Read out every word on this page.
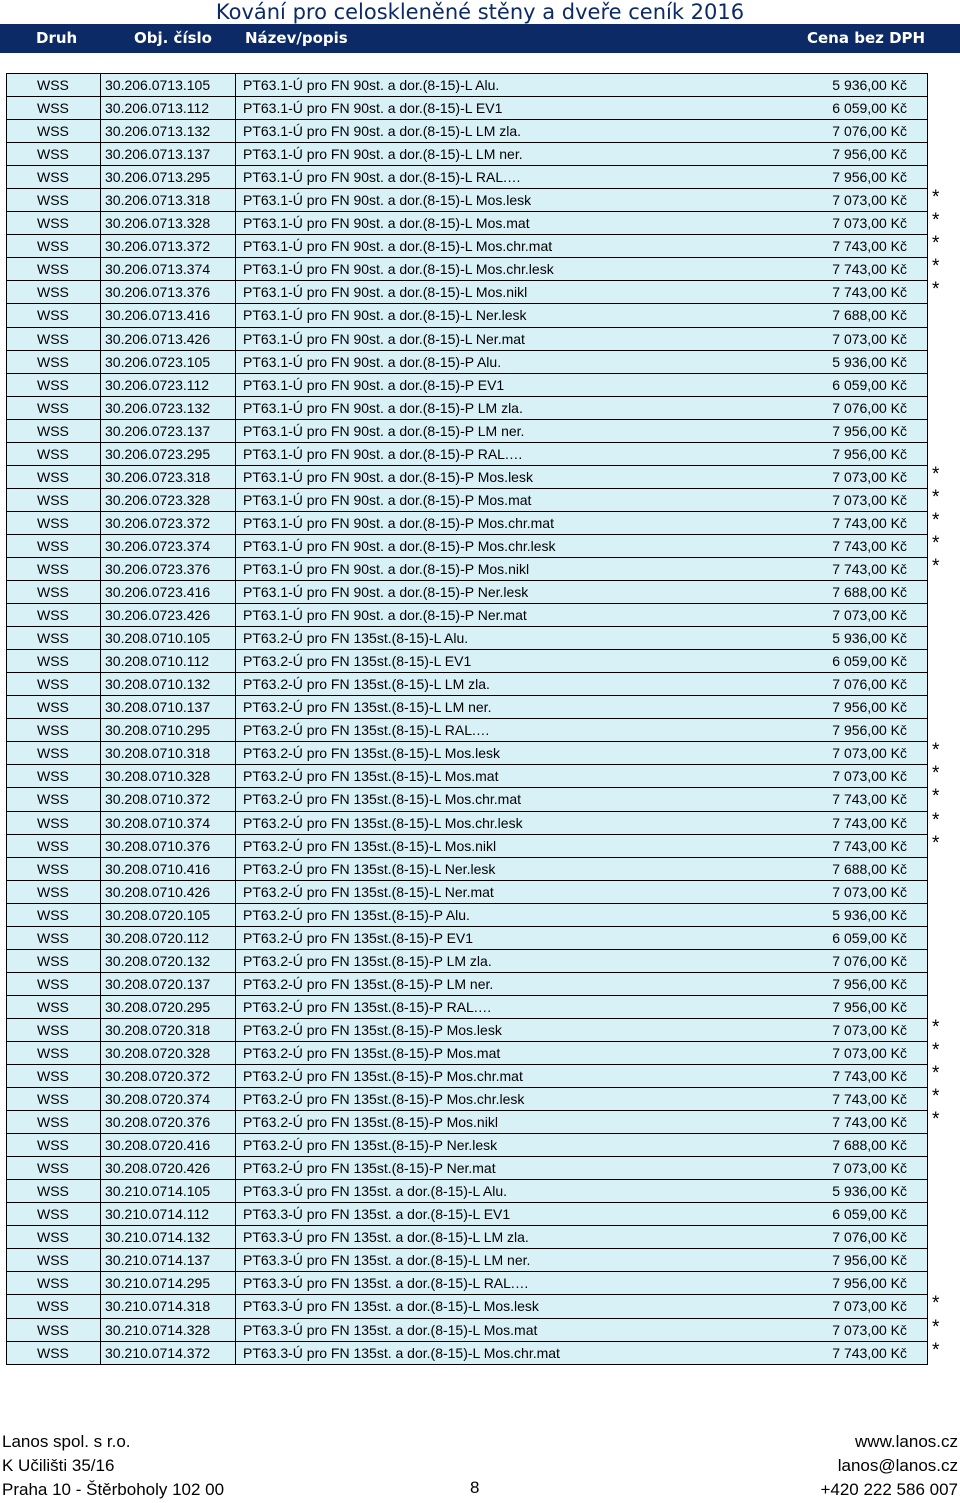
Kování pro celoskleněné stěny a dveře ceník 2016
Druh	Obj. číslo Název/popis	Cena bez DPH
WSS	30.206.0713.105 PT63.1-Ú pro FN 90st. a dor.(8-15)-L Alu.	5 936,00 Kč
WSS	30.206.0713.112 PT63.1-Ú pro FN 90st. a dor.(8-15)-L EV1	6 059,00 Kč
WSS	30.206.0713.132 PT63.1-Ú pro FN 90st. a dor.(8-15)-L LM zla.	7 076,00 Kč
WSS	30.206.0713.137 PT63.1-Ú pro FN 90st. a dor.(8-15)-L LM ner.	7 956,00 Kč
WSS	30.206.0713.295 PT63.1-Ú pro FN 90st. a dor.(8-15)-L RAL.…	7 956,00 Kč
WSS	30.206.0713.318 PT63.1-Ú pro FN 90st. a dor.(8-15)-L Mos.lesk	7 073,00 Kč *
WSS	30.206.0713.328 PT63.1-Ú pro FN 90st. a dor.(8-15)-L Mos.mat	7 073,00 Kč *
WSS	30.206.0713.372 PT63.1-Ú pro FN 90st. a dor.(8-15)-L Mos.chr.mat	7 743,00 Kč *
WSS	30.206.0713.374 PT63.1-Ú pro FN 90st. a dor.(8-15)-L Mos.chr.lesk	7 743,00 Kč *
WSS	30.206.0713.376 PT63.1-Ú pro FN 90st. a dor.(8-15)-L Mos.nikl	7 743,00 Kč *
WSS	30.206.0713.416 PT63.1-Ú pro FN 90st. a dor.(8-15)-L Ner.lesk	7 688,00 Kč
WSS	30.206.0713.426 PT63.1-Ú pro FN 90st. a dor.(8-15)-L Ner.mat	7 073,00 Kč
WSS	30.206.0723.105 PT63.1-Ú pro FN 90st. a dor.(8-15)-P Alu.	5 936,00 Kč
WSS	30.206.0723.112 PT63.1-Ú pro FN 90st. a dor.(8-15)-P EV1	6 059,00 Kč
WSS	30.206.0723.132 PT63.1-Ú pro FN 90st. a dor.(8-15)-P LM zla.	7 076,00 Kč
WSS	30.206.0723.137 PT63.1-Ú pro FN 90st. a dor.(8-15)-P LM ner.	7 956,00 Kč
WSS	30.206.0723.295 PT63.1-Ú pro FN 90st. a dor.(8-15)-P RAL.…	7 956,00 Kč
WSS	30.206.0723.318 PT63.1-Ú pro FN 90st. a dor.(8-15)-P Mos.lesk	7 073,00 Kč *
WSS	30.206.0723.328 PT63.1-Ú pro FN 90st. a dor.(8-15)-P Mos.mat	7 073,00 Kč *
WSS	30.206.0723.372 PT63.1-Ú pro FN 90st. a dor.(8-15)-P Mos.chr.mat	7 743,00 Kč *
WSS	30.206.0723.374 PT63.1-Ú pro FN 90st. a dor.(8-15)-P Mos.chr.lesk	7 743,00 Kč *
WSS	30.206.0723.376 PT63.1-Ú pro FN 90st. a dor.(8-15)-P Mos.nikl	7 743,00 Kč *
WSS	30.206.0723.416 PT63.1-Ú pro FN 90st. a dor.(8-15)-P Ner.lesk	7 688,00 Kč
WSS	30.206.0723.426 PT63.1-Ú pro FN 90st. a dor.(8-15)-P Ner.mat	7 073,00 Kč
WSS	30.208.0710.105 PT63.2-Ú pro FN 135st.(8-15)-L Alu.	5 936,00 Kč
WSS	30.208.0710.112 PT63.2-Ú pro FN 135st.(8-15)-L EV1	6 059,00 Kč
WSS	30.208.0710.132 PT63.2-Ú pro FN 135st.(8-15)-L LM zla.	7 076,00 Kč
WSS	30.208.0710.137 PT63.2-Ú pro FN 135st.(8-15)-L LM ner.	7 956,00 Kč
WSS	30.208.0710.295 PT63.2-Ú pro FN 135st.(8-15)-L RAL.…	7 956,00 Kč
WSS	30.208.0710.318 PT63.2-Ú pro FN 135st.(8-15)-L Mos.lesk	7 073,00 Kč *
WSS	30.208.0710.328 PT63.2-Ú pro FN 135st.(8-15)-L Mos.mat	7 073,00 Kč *
WSS	30.208.0710.372 PT63.2-Ú pro FN 135st.(8-15)-L Mos.chr.mat	7 743,00 Kč *
WSS	30.208.0710.374 PT63.2-Ú pro FN 135st.(8-15)-L Mos.chr.lesk	7 743,00 Kč *
WSS	30.208.0710.376 PT63.2-Ú pro FN 135st.(8-15)-L Mos.nikl	7 743,00 Kč *
WSS	30.208.0710.416 PT63.2-Ú pro FN 135st.(8-15)-L Ner.lesk	7 688,00 Kč
WSS	30.208.0710.426 PT63.2-Ú pro FN 135st.(8-15)-L Ner.mat	7 073,00 Kč
WSS	30.208.0720.105 PT63.2-Ú pro FN 135st.(8-15)-P Alu.	5 936,00 Kč
WSS	30.208.0720.112 PT63.2-Ú pro FN 135st.(8-15)-P EV1	6 059,00 Kč
WSS	30.208.0720.132 PT63.2-Ú pro FN 135st.(8-15)-P LM zla.	7 076,00 Kč
WSS	30.208.0720.137 PT63.2-Ú pro FN 135st.(8-15)-P LM ner.	7 956,00 Kč
WSS	30.208.0720.295 PT63.2-Ú pro FN 135st.(8-15)-P RAL.…	7 956,00 Kč
WSS	30.208.0720.318 PT63.2-Ú pro FN 135st.(8-15)-P Mos.lesk	7 073,00 Kč *
WSS	30.208.0720.328 PT63.2-Ú pro FN 135st.(8-15)-P Mos.mat	7 073,00 Kč *
WSS	30.208.0720.372 PT63.2-Ú pro FN 135st.(8-15)-P Mos.chr.mat	7 743,00 Kč *
WSS	30.208.0720.374 PT63.2-Ú pro FN 135st.(8-15)-P Mos.chr.lesk	7 743,00 Kč *
WSS	30.208.0720.376 PT63.2-Ú pro FN 135st.(8-15)-P Mos.nikl	7 743,00 Kč *
WSS	30.208.0720.416 PT63.2-Ú pro FN 135st.(8-15)-P Ner.lesk	7 688,00 Kč
WSS	30.208.0720.426 PT63.2-Ú pro FN 135st.(8-15)-P Ner.mat	7 073,00 Kč
WSS	30.210.0714.105 PT63.3-Ú pro FN 135st. a dor.(8-15)-L Alu.	5 936,00 Kč
WSS	30.210.0714.112 PT63.3-Ú pro FN 135st. a dor.(8-15)-L EV1	6 059,00 Kč
WSS	30.210.0714.132 PT63.3-Ú pro FN 135st. a dor.(8-15)-L LM zla.	7 076,00 Kč
WSS	30.210.0714.137 PT63.3-Ú pro FN 135st. a dor.(8-15)-L LM ner.	7 956,00 Kč
WSS	30.210.0714.295 PT63.3-Ú pro FN 135st. a dor.(8-15)-L RAL.…	7 956,00 Kč
WSS	30.210.0714.318 PT63.3-Ú pro FN 135st. a dor.(8-15)-L Mos.lesk	7 073,00 Kč *
WSS	30.210.0714.328 PT63.3-Ú pro FN 135st. a dor.(8-15)-L Mos.mat	7 073,00 Kč *
WSS	30.210.0714.372 PT63.3-Ú pro FN 135st. a dor.(8-15)-L Mos.chr.mat	7 743,00 Kč *
Lanos spol. s r.o.
K Učilišti 35/16
Praha 10 - Štěrboholy 102 00	8
www.lanos.cz
lanos@lanos.cz
+420 222 586 007
